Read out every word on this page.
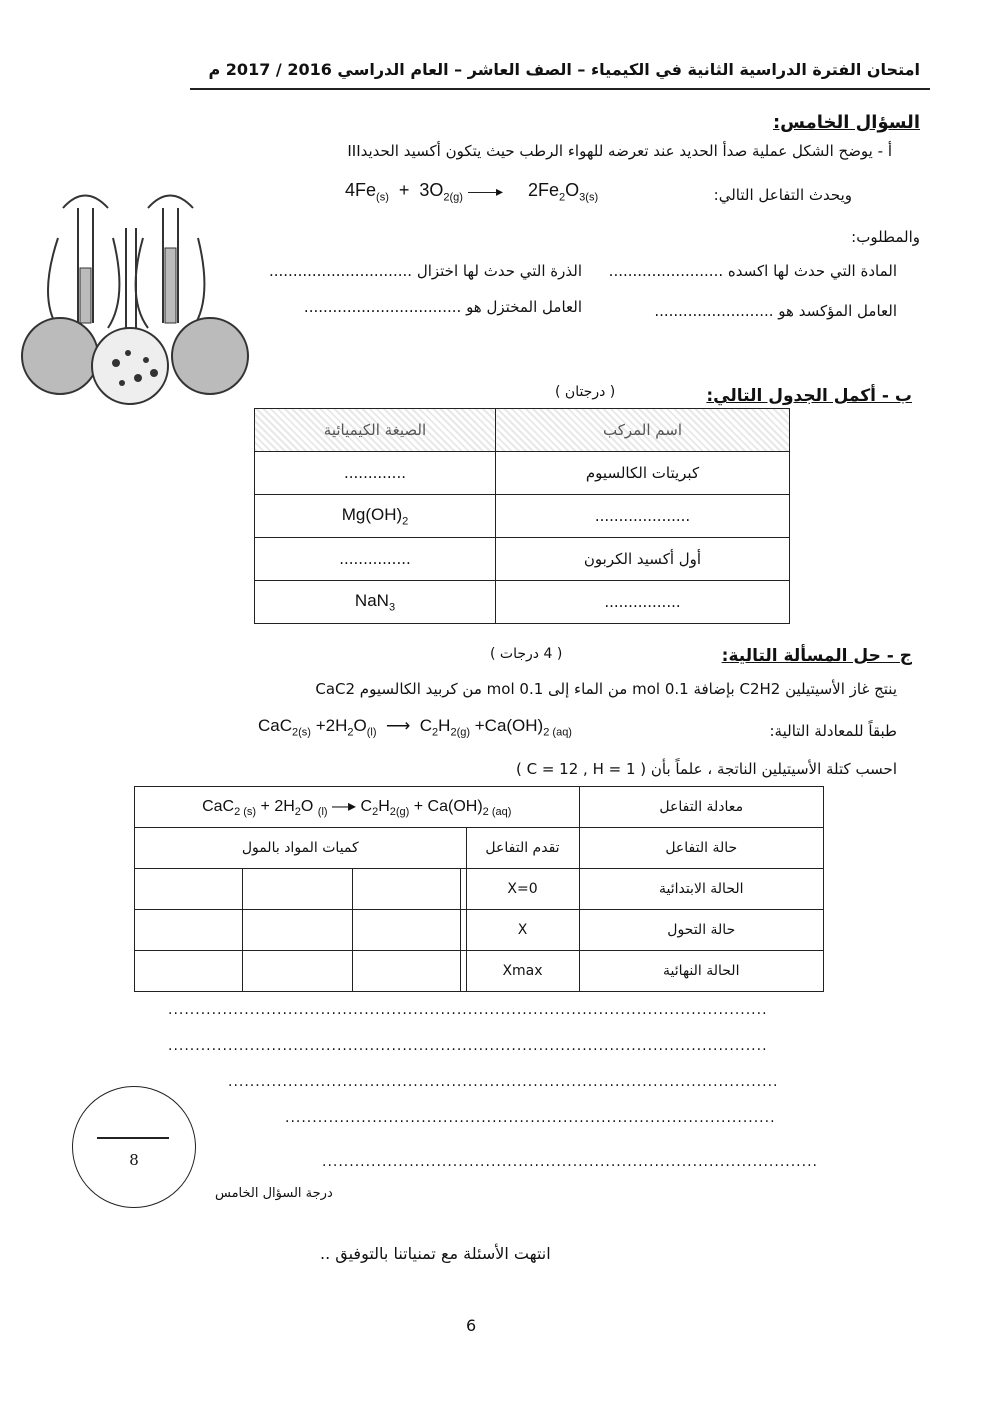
امتحان الفترة الدراسية الثانية في الكيمياء – الصف العاشر – العام الدراسي 2016 / 2017 م
السؤال الخامس:
أ - يوضح الشكل عملية صدأ الحديد عند تعرضه للهواء الرطب حيث يتكون أكسيد الحديدIII
ويحدث التفاعل التالي:
$4Fe_{(s)} + 3O_{2(g)}$ ——▸     $2Fe_2O_{3(s)}$
والمطلوب:
المادة التي حدث لها اكسده ........................
الذرة التي حدث لها اختزال ..............................
العامل المؤكسد هو .........................
العامل المختزل هو .................................
ب - أكمل الجدول التالي:
( درجتان )
الصيغة الكيميائية	اسم المركب
.............	كبريتات الكالسيوم
$Mg(OH)_2$	....................
...............	أول أكسيد الكربون
NaN$_3$	................
ج - حل المسألة التالية:
( 4 درجات )
ينتج غاز الأسيتيلين C2H2 بإضافة 0.1 mol من الماء إلى 0.1 mol من كربيد الكالسيوم CaC2
طبقاً للمعادلة التالية:
$CaC_{2(s)} +2H_2O_{(l)}$  ⟶  $C_2H_{2(g)} +Ca(OH)_{2 (aq)}$
احسب كتلة الأسيتيلين الناتجة ، علماً بأن ( C = 12 , H = 1 )
$CaC_{2 (s)} + 2H_2O$ $_{(l)}$ —▸ $C_2H_{2(g)} + Ca(OH)_{2 (aq)}$					معادلة التفاعل
كميات المواد بالمول				تقدم التفاعل	حالة التفاعل
				X=0	الحالة الابتدائية
				X	حالة التحول
				Xmax	الحالة النهائية
..............................................................................................................
..............................................................................................................
.....................................................................................................
..........................................................................................
...........................................................................................
8
درجة السؤال الخامس
انتهت الأسئلة مع تمنياتنا بالتوفيق ..
6
